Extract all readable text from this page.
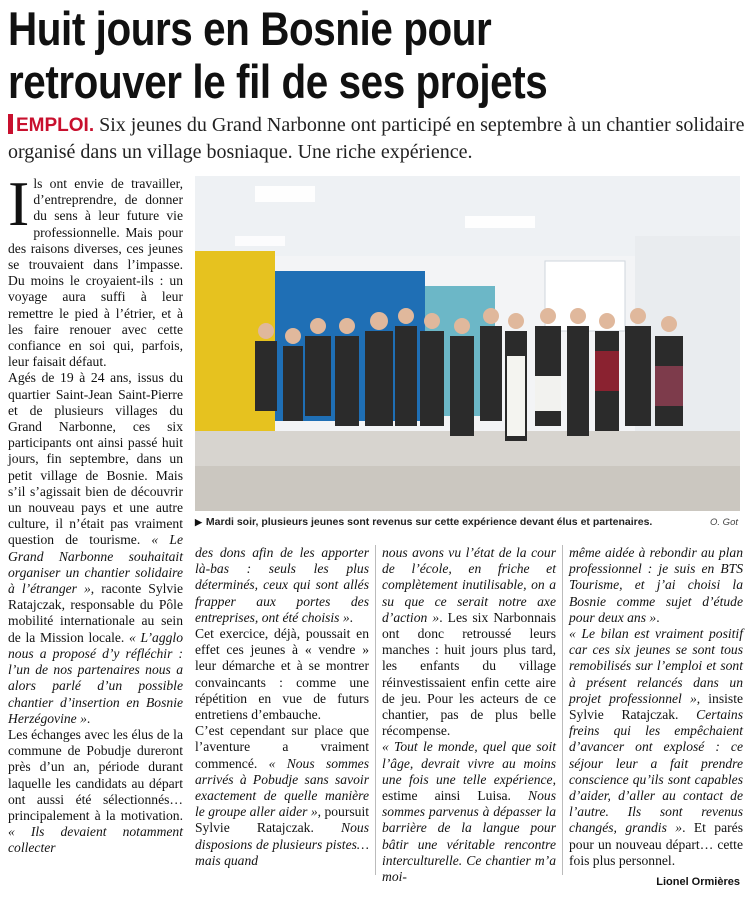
Huit jours en Bosnie pour
retrouver le fil de ses projets
EMPLOI. Six jeunes du Grand Narbonne ont participé en septembre à un chantier solidaire organisé dans un village bosniaque. Une riche expérience.

Ils ont envie de travailler, d’entreprendre, de donner du sens à leur future vie professionnelle. Mais pour des raisons diverses, ces jeunes se trouvaient dans l’impasse. Du moins le croyaient-ils : un voyage aura suffi à leur remettre le pied à l’étrier, et à les faire renouer avec cette confiance en soi qui, parfois, leur faisait défaut.

Agés de 19 à 24 ans, issus du quartier Saint-Jean Saint-Pierre et de plusieurs villages du Grand Narbonne, ces six participants ont ainsi passé huit jours, fin septembre, dans un petit village de Bosnie. Mais s’il s’agissait bien de découvrir un nouveau pays et une autre culture, il n’était pas vraiment question de tourisme. « Le Grand Narbonne souhaitait organiser un chantier solidaire à l’étranger », raconte Sylvie Ratajczak, responsable du Pôle mobilité internationale au sein de la Mission locale. « L’agglo nous a proposé d’y réfléchir : l’un de nos partenaires nous a alors parlé d’un possible chantier d’insertion en Bosnie Herzégovine ».

Les échanges avec les élus de la commune de Pobudje dureront près d’un an, période durant laquelle les candidats au départ ont aussi été sélectionnés… principalement à la motivation. « Ils devaient notamment collecter

▶ Mardi soir, plusieurs jeunes sont revenus sur cette expérience devant élus et partenaires.	O. Got

des dons afin de les apporter là-bas : seuls les plus déterminés, ceux qui sont allés frapper aux portes des entreprises, ont été choisis ».

Cet exercice, déjà, poussait en effet ces jeunes à « vendre » leur démarche et à se montrer convaincants : comme une répétition en vue de futurs entretiens d’embauche.

C’est cependant sur place que l’aventure a vraiment commencé. « Nous sommes arrivés à Pobudje sans savoir exactement de quelle manière le groupe aller aider », poursuit Sylvie Ratajczak. Nous disposions de plusieurs pistes… mais quand

nous avons vu l’état de la cour de l’école, en friche et complètement inutilisable, on a su que ce serait notre axe d’action ». Les six Narbonnais ont donc retroussé leurs manches : huit jours plus tard, les enfants du village réinvestissaient enfin cette aire de jeu. Pour les acteurs de ce chantier, pas de plus belle récompense.

« Tout le monde, quel que soit l’âge, devrait vivre au moins une fois une telle expérience, estime ainsi Luisa. Nous sommes parvenus à dépasser la barrière de la langue pour bâtir une véritable rencontre interculturelle. Ce chantier m’a moi-

même aidée à rebondir au plan professionnel : je suis en BTS Tourisme, et j’ai choisi la Bosnie comme sujet d’étude pour deux ans ».

« Le bilan est vraiment positif car ces six jeunes se sont tous remobilisés sur l’emploi et sont à présent relancés dans un projet professionnel », insiste Sylvie Ratajczak. Certains freins qui les empêchaient d’avancer ont explosé : ce séjour leur a fait prendre conscience qu’ils sont capables d’aider, d’aller au contact de l’autre. Ils sont revenus changés, grandis ». Et parés pour un nouveau départ… cette fois plus personnel.

Lionel Ormières
